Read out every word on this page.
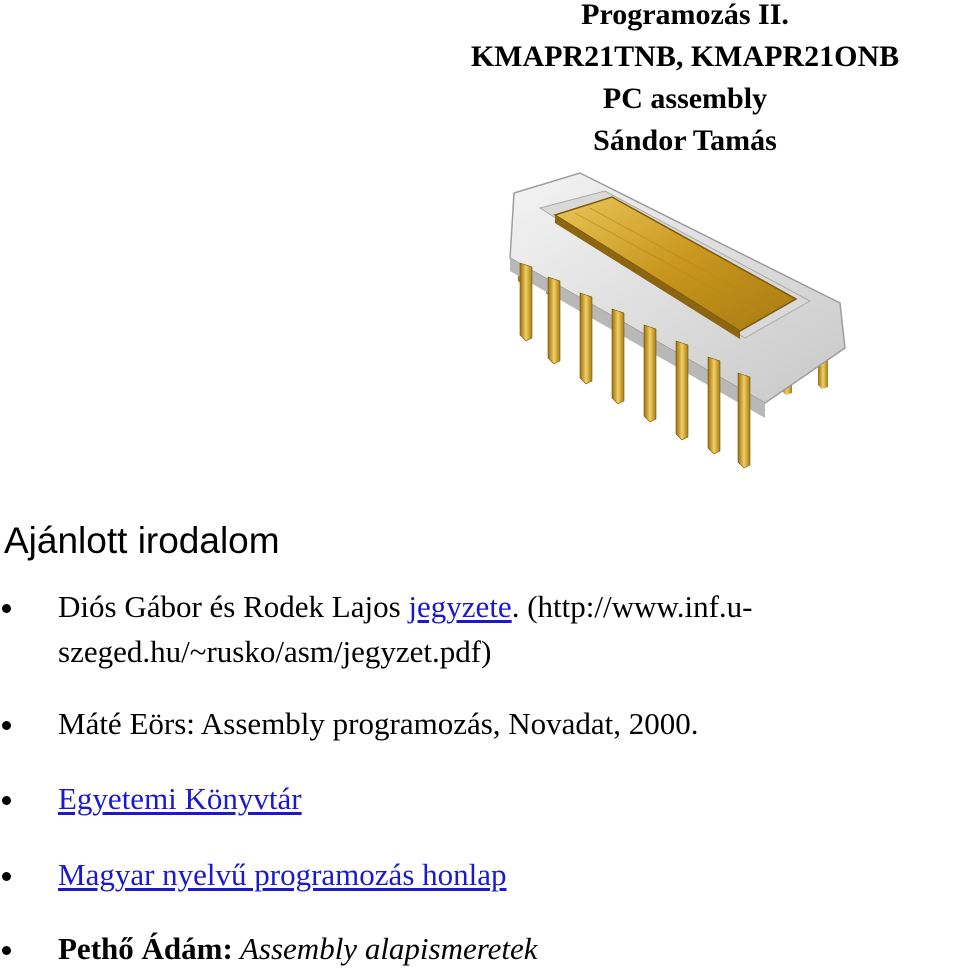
Programozás II.
KMAPR21TNB, KMAPR21ONB
PC assembly
Sándor Tamás
Ajánlott irodalom
Diós Gábor és Rodek Lajos jegyzete. (http://www.inf.u-
szeged.hu/~rusko/asm/jegyzet.pdf)
Máté Eörs: Assembly programozás, Novadat, 2000.
Egyetemi Könyvtár
Magyar nyelvű programozás honlap
Pethő Ádám: Assembly alapismeretek
